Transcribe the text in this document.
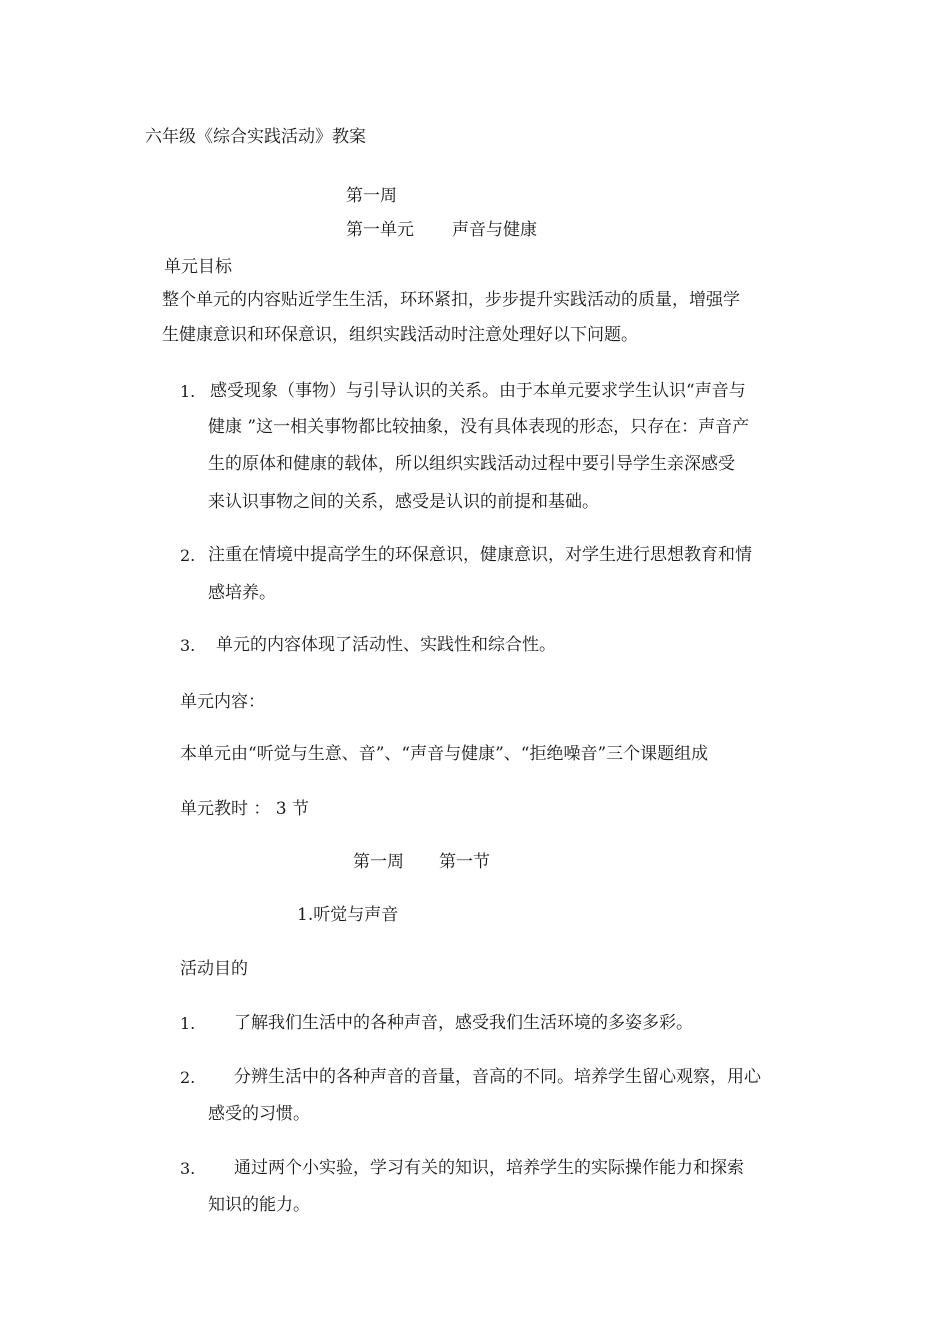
六年级《综合实践活动》教案

第一周

第一单元 声音与健康

单元目标

整个单元的内容贴近学生生活，环环紧扣，步步提升实践活动的质量，增强学

生健康意识和环保意识，组织实践活动时注意处理好以下问题。

1. 感受现象（事物）与引导认识的关系。由于本单元要求学生认识“声音与

健康 ”这一相关事物都比较抽象，没有具体表现的形态，只存在：声音产

生的原体和健康的载体，所以组织实践活动过程中要引导学生亲深感受

来认识事物之间的关系，感受是认识的前提和基础。

2. 注重在情境中提高学生的环保意识，健康意识，对学生进行思想教育和情

感培养。

3. 单元的内容体现了活动性、实践性和综合性。

单元内容：

本单元由“听觉与生意、音”、“声音与健康”、“拒绝噪音”三个课题组成

单元教时 ： 3 节

第一周 第一节

1.听觉与声音

活动目的

1. 了解我们生活中的各种声音，感受我们生活环境的多姿多彩。

2. 分辨生活中的各种声音的音量，音高的不同。培养学生留心观察，用心

感受的习惯。

3. 通过两个小实验，学习有关的知识，培养学生的实际操作能力和探索

知识的能力。
